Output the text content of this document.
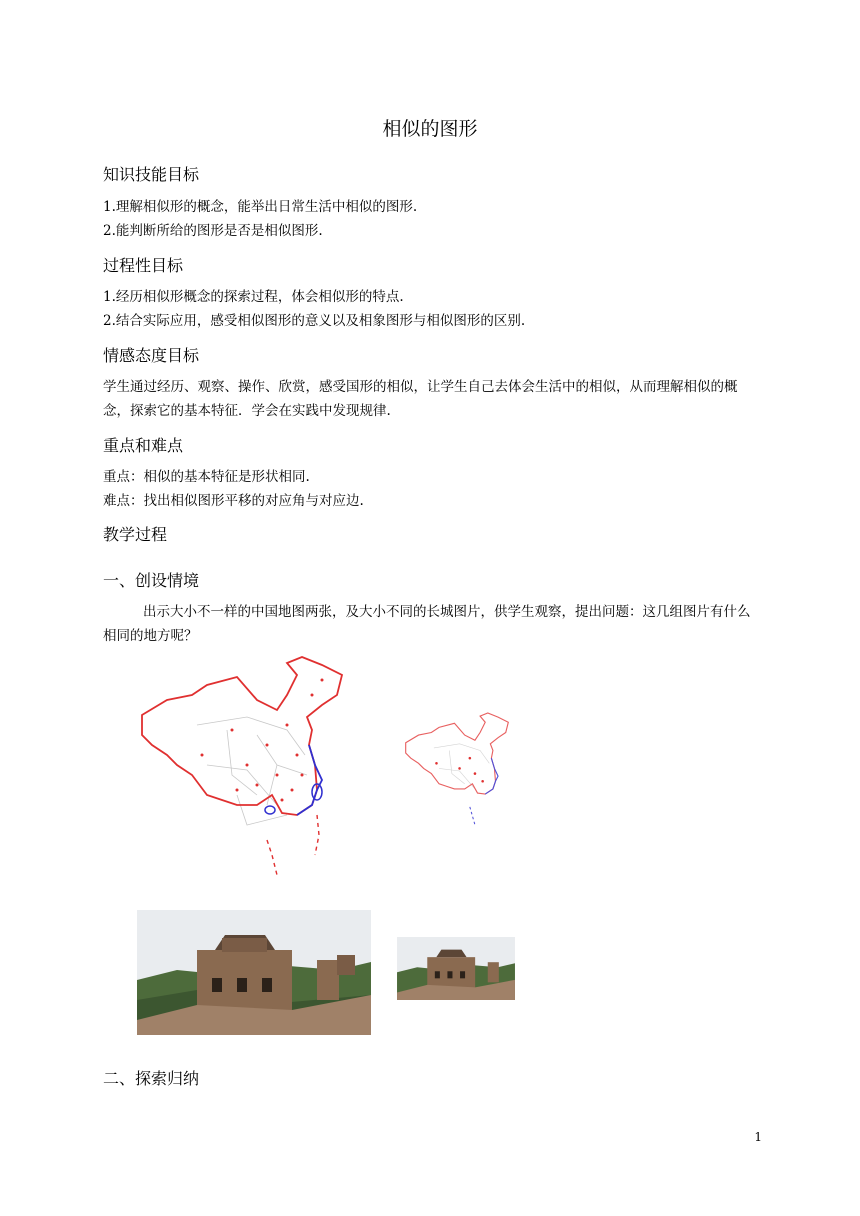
相似的图形
知识技能目标
1.理解相似形的概念，能举出日常生活中相似的图形.
2.能判断所给的图形是否是相似图形.
过程性目标
1.经历相似形概念的探索过程，体会相似形的特点.
2.结合实际应用，感受相似图形的意义以及相象图形与相似图形的区别.
情感态度目标
学生通过经历、观察、操作、欣赏，感受国形的相似，让学生自己去体会生活中的相似，从而理解相似的概念，探索它的基本特征．学会在实践中发现规律.
重点和难点
重点：相似的基本特征是形状相同.
难点：找出相似图形平移的对应角与对应边.
教学过程
一、创设情境
出示大小不一样的中国地图两张，及大小不同的长城图片，供学生观察，提出问题：这几组图片有什么相同的地方呢？
二、探索归纳
1
